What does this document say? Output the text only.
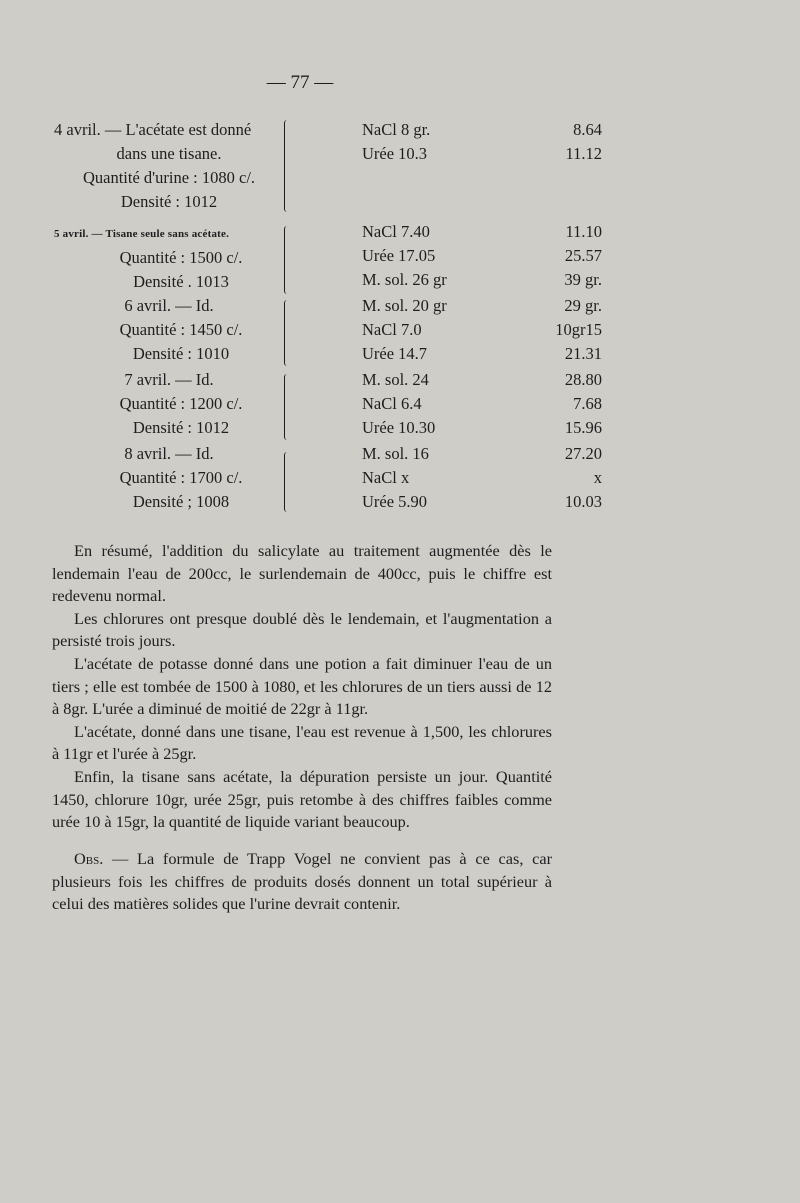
— 77 —
4 avril. — L'acétate est donné
dans une tisane.
Quantité d'urine : 1080 c/.
Densité : 1012
NaCl 8 gr.
Urée 10.3
8.64
11.12
5 avril. — Tisane seule sans acétate.
Quantité : 1500 c/.
Densité . 1013
NaCl 7.40
Urée 17.05
M. sol. 26 gr
11.10
25.57
39 gr.
6 avril. — Id.
Quantité : 1450 c/.
Densité : 1010
M. sol. 20 gr
NaCl 7.0
Urée 14.7
29 gr.
10gr15
21.31
7 avril. — Id.
Quantité : 1200 c/.
Densité : 1012
M. sol. 24
NaCl 6.4
Urée 10.30
28.80
7.68
15.96
8 avril. — Id.
Quantité : 1700 c/.
Densité ; 1008
M. sol. 16
NaCl x
Urée 5.90
27.20
x
10.03

En résumé, l'addition du salicylate au traitement augmentée dès le lendemain l'eau de 200cc, le surlendemain de 400cc, puis le chiffre est redevenu normal.

Les chlorures ont presque doublé dès le lendemain, et l'augmentation a persisté trois jours.

L'acétate de potasse donné dans une potion a fait diminuer l'eau de un tiers ; elle est tombée de 1500 à 1080, et les chlorures de un tiers aussi de 12 à 8gr. L'urée a diminué de moitié de 22gr à 11gr.

L'acétate, donné dans une tisane, l'eau est revenue à 1,500, les chlorures à 11gr et l'urée à 25gr.

Enfin, la tisane sans acétate, la dépuration persiste un jour. Quantité 1450, chlorure 10gr, urée 25gr, puis retombe à des chiffres faibles comme urée 10 à 15gr, la quantité de liquide variant beaucoup.

Obs. — La formule de Trapp Vogel ne convient pas à ce cas, car plusieurs fois les chiffres de produits dosés donnent un total supérieur à celui des matières solides que l'urine devrait contenir.
